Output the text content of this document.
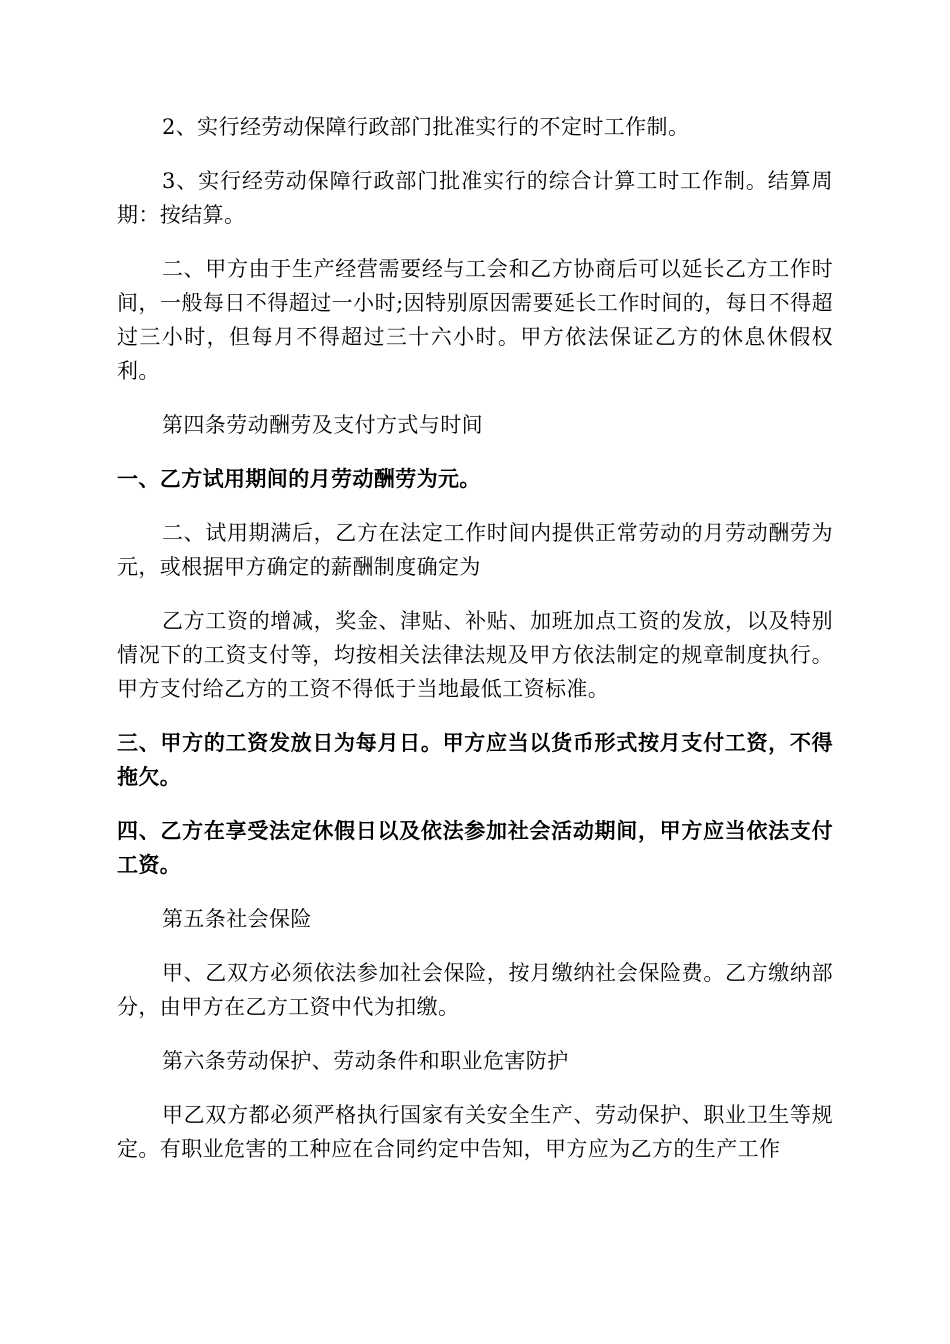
2、实行经劳动保障行政部门批准实行的不定时工作制。

3、实行经劳动保障行政部门批准实行的综合计算工时工作制。结算周期：按结算。

二、甲方由于生产经营需要经与工会和乙方协商后可以延长乙方工作时间，一般每日不得超过一小时;因特别原因需要延长工作时间的，每日不得超过三小时，但每月不得超过三十六小时。甲方依法保证乙方的休息休假权利。

第四条劳动酬劳及支付方式与时间

一、乙方试用期间的月劳动酬劳为元。

二、试用期满后，乙方在法定工作时间内提供正常劳动的月劳动酬劳为元，或根据甲方确定的薪酬制度确定为

乙方工资的增减，奖金、津贴、补贴、加班加点工资的发放，以及特别情况下的工资支付等，均按相关法律法规及甲方依法制定的规章制度执行。甲方支付给乙方的工资不得低于当地最低工资标准。

三、甲方的工资发放日为每月日。甲方应当以货币形式按月支付工资，不得拖欠。

四、乙方在享受法定休假日以及依法参加社会活动期间，甲方应当依法支付工资。

第五条社会保险

甲、乙双方必须依法参加社会保险，按月缴纳社会保险费。乙方缴纳部分，由甲方在乙方工资中代为扣缴。

第六条劳动保护、劳动条件和职业危害防护

甲乙双方都必须严格执行国家有关安全生产、劳动保护、职业卫生等规定。有职业危害的工种应在合同约定中告知，甲方应为乙方的生产工作
